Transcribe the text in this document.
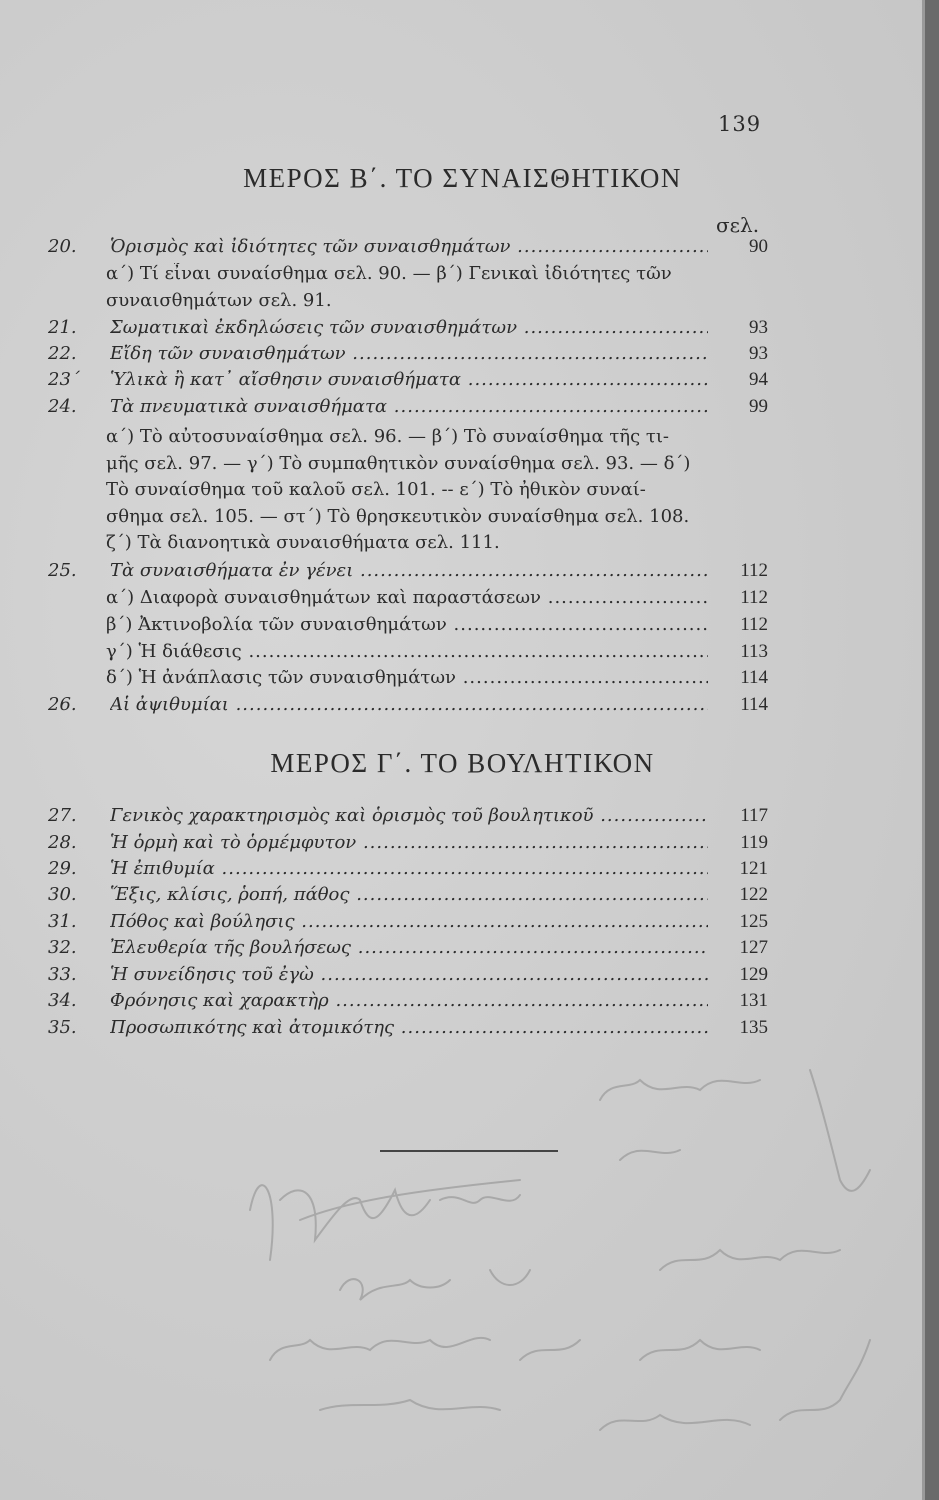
139
ΜΕΡΟΣ Β΄. ΤΟ ΣΥΝΑΙΣΘΗΤΙΚΟΝ
σελ.
20.	Ὁρισμὸς καὶ ἰδιότητες τῶν συναισθημάτων .....	90
α΄) Τί εἶναι συναίσθημα σελ. 90. — β΄) Γενικαὶ ἰδιότητες τῶν
συναισθημάτων σελ. 91.
21.	Σωματικαὶ ἐκδηλώσεις τῶν συναισθημάτων .....	93
22.	Εἴδη τῶν συναισθημάτων .....	93
23΄	Ὑλικὰ ἢ κατ᾿ αἴσθησιν συναισθήματα .....	94
24.	Τὰ πνευματικὰ συναισθήματα .....	99
α΄) Τὸ αὐτοσυναίσθημα σελ. 96. — β΄) Τὸ συναίσθημα τῆς τι-
μῆς σελ. 97. — γ΄) Τὸ συμπαθητικὸν συναίσθημα σελ. 93. — δ΄)
Τὸ συναίσθημα τοῦ καλοῦ σελ. 101. -- ε΄) Τὸ ἠθικὸν συναί-
σθημα σελ. 105. — στ΄) Τὸ θρησκευτικὸν συναίσθημα σελ. 108.
ζ΄) Τὰ διανοητικὰ συναισθήματα σελ. 111.
25.	Τὰ συναισθήματα ἐν γένει .....	112
α΄) Διαφορὰ συναισθημάτων καὶ παραστάσεων .....	112
β΄) Ἀκτινοβολία τῶν συναισθημάτων .....	112
γ΄) Ἡ διάθεσις .....	113
δ΄) Ἡ ἀνάπλασις τῶν συναισθημάτων .....	114
26.	Αἱ ἀψιθυμίαι .....	114
ΜΕΡΟΣ Γ΄. ΤΟ ΒΟΥΛΗΤΙΚΟΝ
27.	Γενικὸς χαρακτηρισμὸς καὶ ὁρισμὸς τοῦ βουλητικοῦ .....	117
28.	Ἡ ὁρμὴ καὶ τὸ ὁρμέμφυτον .....	119
29.	Ἡ ἐπιθυμία .....	121
30.	Ἕξις, κλίσις, ῥοπή, πάθος .....	122
31.	Πόθος καὶ βούλησις .....	125
32.	Ἐλευθερία τῆς βουλήσεως .....	127
33.	Ἡ συνείδησις τοῦ ἐγὼ .....	129
34.	Φρόνησις καὶ χαρακτὴρ .....	131
35.	Προσωπικότης καὶ ἀτομικότης .....	135
